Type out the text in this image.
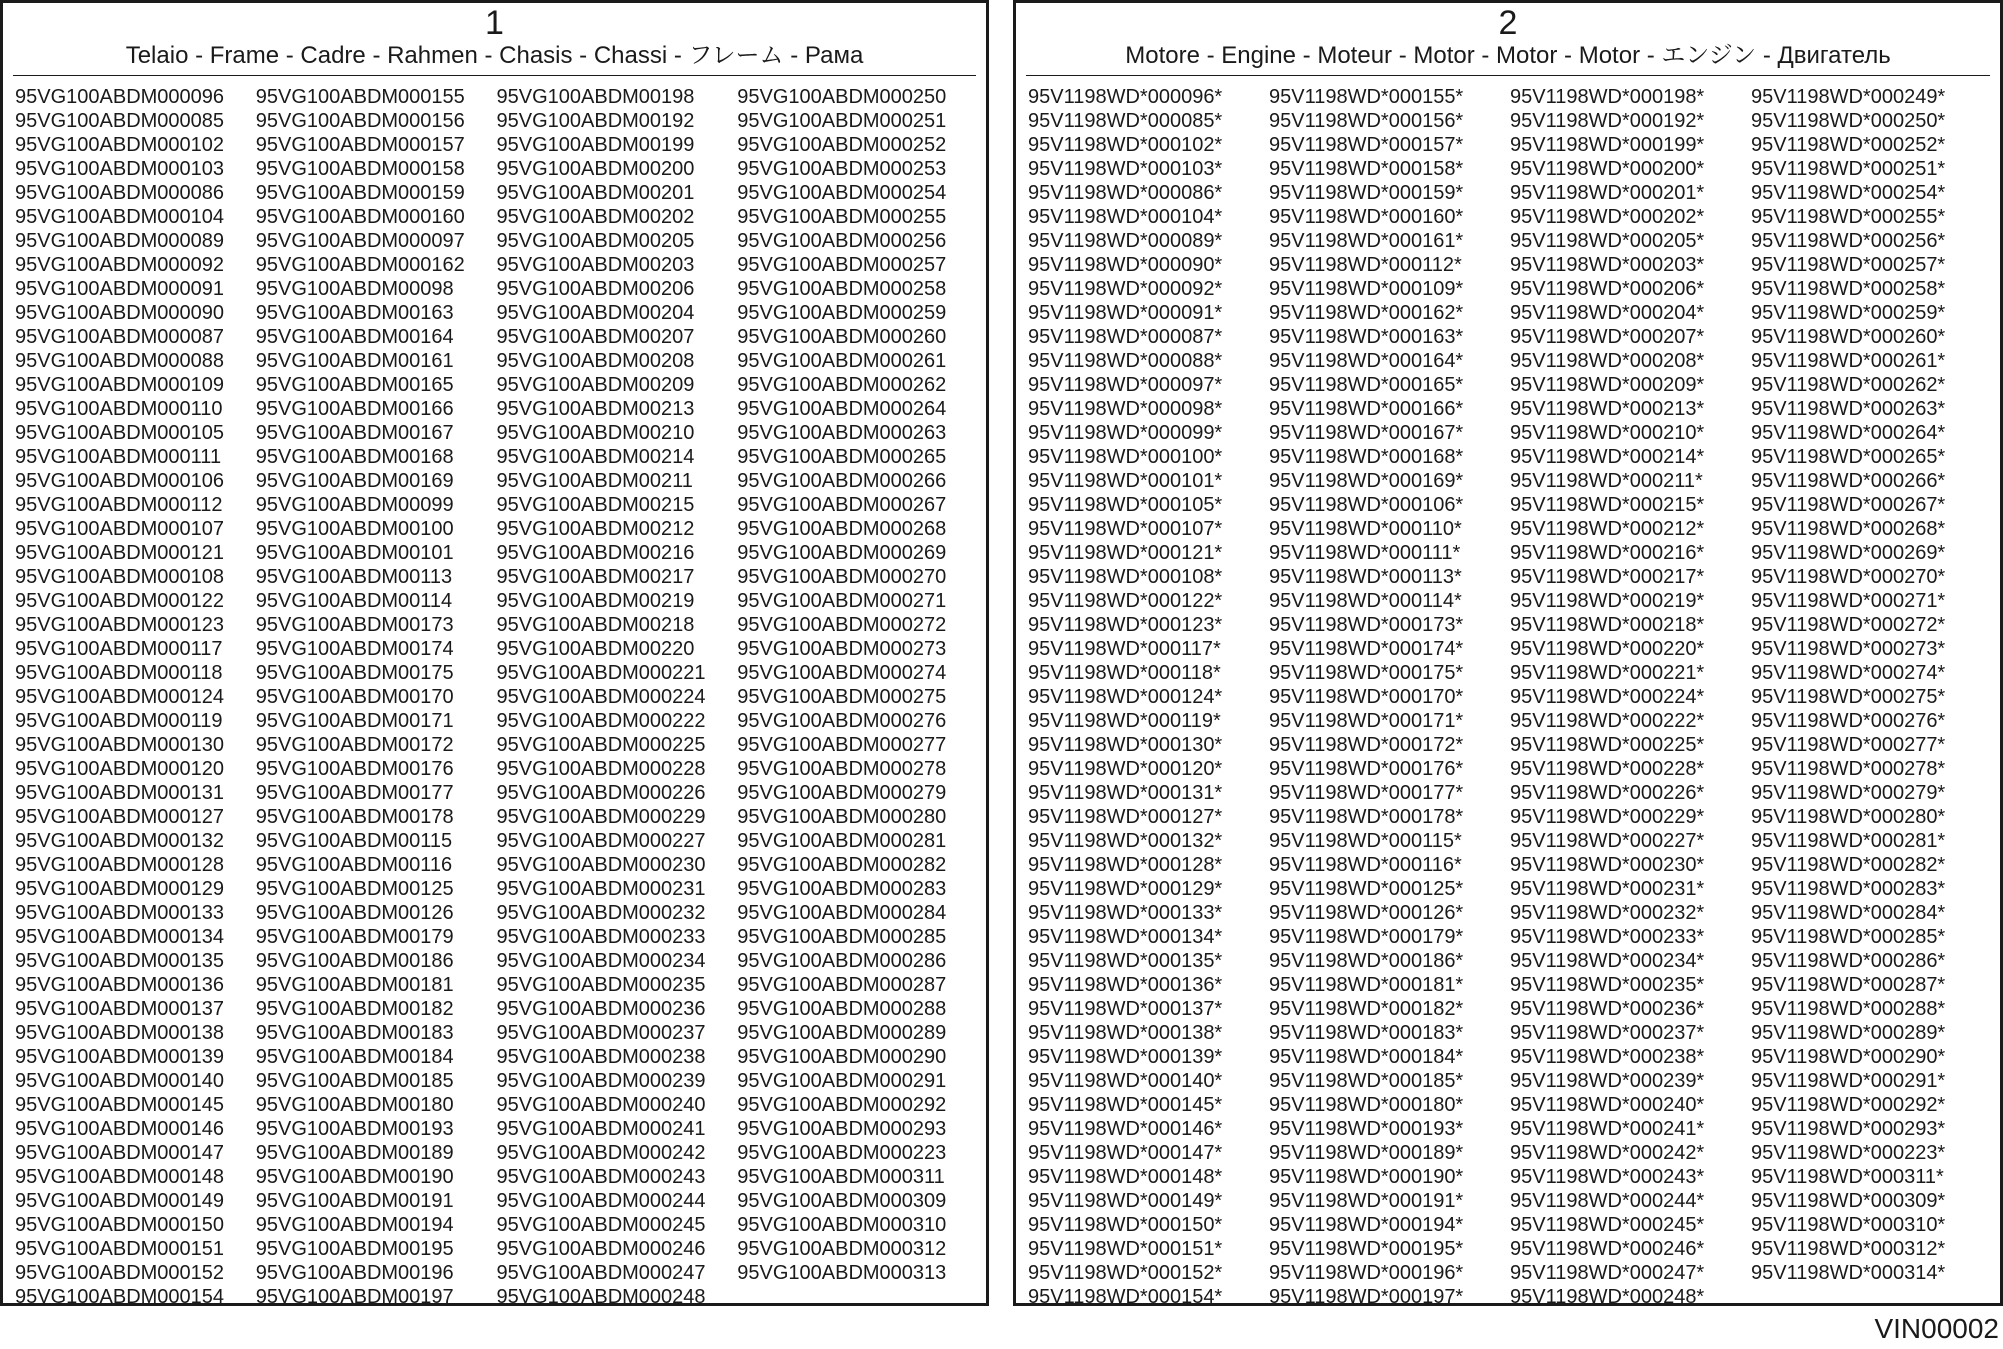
1
Telaio - Frame - Cadre - Rahmen - Chasis - Chassi - フレーム - Рама
95VG100ABDM000096
95VG100ABDM000085
95VG100ABDM000102
95VG100ABDM000103
95VG100ABDM000086
95VG100ABDM000104
95VG100ABDM000089
95VG100ABDM000092
95VG100ABDM000091
95VG100ABDM000090
95VG100ABDM000087
95VG100ABDM000088
95VG100ABDM000109
95VG100ABDM000110
95VG100ABDM000105
95VG100ABDM000111
95VG100ABDM000106
95VG100ABDM000112
95VG100ABDM000107
95VG100ABDM000121
95VG100ABDM000108
95VG100ABDM000122
95VG100ABDM000123
95VG100ABDM000117
95VG100ABDM000118
95VG100ABDM000124
95VG100ABDM000119
95VG100ABDM000130
95VG100ABDM000120
95VG100ABDM000131
95VG100ABDM000127
95VG100ABDM000132
95VG100ABDM000128
95VG100ABDM000129
95VG100ABDM000133
95VG100ABDM000134
95VG100ABDM000135
95VG100ABDM000136
95VG100ABDM000137
95VG100ABDM000138
95VG100ABDM000139
95VG100ABDM000140
95VG100ABDM000145
95VG100ABDM000146
95VG100ABDM000147
95VG100ABDM000148
95VG100ABDM000149
95VG100ABDM000150
95VG100ABDM000151
95VG100ABDM000152
95VG100ABDM000154
95VG100ABDM000155
95VG100ABDM000156
95VG100ABDM000157
95VG100ABDM000158
95VG100ABDM000159
95VG100ABDM000160
95VG100ABDM000097
95VG100ABDM000162
95VG100ABDM00098
95VG100ABDM00163
95VG100ABDM00164
95VG100ABDM00161
95VG100ABDM00165
95VG100ABDM00166
95VG100ABDM00167
95VG100ABDM00168
95VG100ABDM00169
95VG100ABDM00099
95VG100ABDM00100
95VG100ABDM00101
95VG100ABDM00113
95VG100ABDM00114
95VG100ABDM00173
95VG100ABDM00174
95VG100ABDM00175
95VG100ABDM00170
95VG100ABDM00171
95VG100ABDM00172
95VG100ABDM00176
95VG100ABDM00177
95VG100ABDM00178
95VG100ABDM00115
95VG100ABDM00116
95VG100ABDM00125
95VG100ABDM00126
95VG100ABDM00179
95VG100ABDM00186
95VG100ABDM00181
95VG100ABDM00182
95VG100ABDM00183
95VG100ABDM00184
95VG100ABDM00185
95VG100ABDM00180
95VG100ABDM00193
95VG100ABDM00189
95VG100ABDM00190
95VG100ABDM00191
95VG100ABDM00194
95VG100ABDM00195
95VG100ABDM00196
95VG100ABDM00197
95VG100ABDM00198
95VG100ABDM00192
95VG100ABDM00199
95VG100ABDM00200
95VG100ABDM00201
95VG100ABDM00202
95VG100ABDM00205
95VG100ABDM00203
95VG100ABDM00206
95VG100ABDM00204
95VG100ABDM00207
95VG100ABDM00208
95VG100ABDM00209
95VG100ABDM00213
95VG100ABDM00210
95VG100ABDM00214
95VG100ABDM00211
95VG100ABDM00215
95VG100ABDM00212
95VG100ABDM00216
95VG100ABDM00217
95VG100ABDM00219
95VG100ABDM00218
95VG100ABDM00220
95VG100ABDM000221
95VG100ABDM000224
95VG100ABDM000222
95VG100ABDM000225
95VG100ABDM000228
95VG100ABDM000226
95VG100ABDM000229
95VG100ABDM000227
95VG100ABDM000230
95VG100ABDM000231
95VG100ABDM000232
95VG100ABDM000233
95VG100ABDM000234
95VG100ABDM000235
95VG100ABDM000236
95VG100ABDM000237
95VG100ABDM000238
95VG100ABDM000239
95VG100ABDM000240
95VG100ABDM000241
95VG100ABDM000242
95VG100ABDM000243
95VG100ABDM000244
95VG100ABDM000245
95VG100ABDM000246
95VG100ABDM000247
95VG100ABDM000248
95VG100ABDM000250
95VG100ABDM000251
95VG100ABDM000252
95VG100ABDM000253
95VG100ABDM000254
95VG100ABDM000255
95VG100ABDM000256
95VG100ABDM000257
95VG100ABDM000258
95VG100ABDM000259
95VG100ABDM000260
95VG100ABDM000261
95VG100ABDM000262
95VG100ABDM000264
95VG100ABDM000263
95VG100ABDM000265
95VG100ABDM000266
95VG100ABDM000267
95VG100ABDM000268
95VG100ABDM000269
95VG100ABDM000270
95VG100ABDM000271
95VG100ABDM000272
95VG100ABDM000273
95VG100ABDM000274
95VG100ABDM000275
95VG100ABDM000276
95VG100ABDM000277
95VG100ABDM000278
95VG100ABDM000279
95VG100ABDM000280
95VG100ABDM000281
95VG100ABDM000282
95VG100ABDM000283
95VG100ABDM000284
95VG100ABDM000285
95VG100ABDM000286
95VG100ABDM000287
95VG100ABDM000288
95VG100ABDM000289
95VG100ABDM000290
95VG100ABDM000291
95VG100ABDM000292
95VG100ABDM000293
95VG100ABDM000223
95VG100ABDM000311
95VG100ABDM000309
95VG100ABDM000310
95VG100ABDM000312
95VG100ABDM000313
2
Motore - Engine - Moteur - Motor - Motor - Motor - エンジン - Двигатель
95V1198WD*000096*
95V1198WD*000085*
95V1198WD*000102*
95V1198WD*000103*
95V1198WD*000086*
95V1198WD*000104*
95V1198WD*000089*
95V1198WD*000090*
95V1198WD*000092*
95V1198WD*000091*
95V1198WD*000087*
95V1198WD*000088*
95V1198WD*000097*
95V1198WD*000098*
95V1198WD*000099*
95V1198WD*000100*
95V1198WD*000101*
95V1198WD*000105*
95V1198WD*000107*
95V1198WD*000121*
95V1198WD*000108*
95V1198WD*000122*
95V1198WD*000123*
95V1198WD*000117*
95V1198WD*000118*
95V1198WD*000124*
95V1198WD*000119*
95V1198WD*000130*
95V1198WD*000120*
95V1198WD*000131*
95V1198WD*000127*
95V1198WD*000132*
95V1198WD*000128*
95V1198WD*000129*
95V1198WD*000133*
95V1198WD*000134*
95V1198WD*000135*
95V1198WD*000136*
95V1198WD*000137*
95V1198WD*000138*
95V1198WD*000139*
95V1198WD*000140*
95V1198WD*000145*
95V1198WD*000146*
95V1198WD*000147*
95V1198WD*000148*
95V1198WD*000149*
95V1198WD*000150*
95V1198WD*000151*
95V1198WD*000152*
95V1198WD*000154*
95V1198WD*000155*
95V1198WD*000156*
95V1198WD*000157*
95V1198WD*000158*
95V1198WD*000159*
95V1198WD*000160*
95V1198WD*000161*
95V1198WD*000112*
95V1198WD*000109*
95V1198WD*000162*
95V1198WD*000163*
95V1198WD*000164*
95V1198WD*000165*
95V1198WD*000166*
95V1198WD*000167*
95V1198WD*000168*
95V1198WD*000169*
95V1198WD*000106*
95V1198WD*000110*
95V1198WD*000111*
95V1198WD*000113*
95V1198WD*000114*
95V1198WD*000173*
95V1198WD*000174*
95V1198WD*000175*
95V1198WD*000170*
95V1198WD*000171*
95V1198WD*000172*
95V1198WD*000176*
95V1198WD*000177*
95V1198WD*000178*
95V1198WD*000115*
95V1198WD*000116*
95V1198WD*000125*
95V1198WD*000126*
95V1198WD*000179*
95V1198WD*000186*
95V1198WD*000181*
95V1198WD*000182*
95V1198WD*000183*
95V1198WD*000184*
95V1198WD*000185*
95V1198WD*000180*
95V1198WD*000193*
95V1198WD*000189*
95V1198WD*000190*
95V1198WD*000191*
95V1198WD*000194*
95V1198WD*000195*
95V1198WD*000196*
95V1198WD*000197*
95V1198WD*000198*
95V1198WD*000192*
95V1198WD*000199*
95V1198WD*000200*
95V1198WD*000201*
95V1198WD*000202*
95V1198WD*000205*
95V1198WD*000203*
95V1198WD*000206*
95V1198WD*000204*
95V1198WD*000207*
95V1198WD*000208*
95V1198WD*000209*
95V1198WD*000213*
95V1198WD*000210*
95V1198WD*000214*
95V1198WD*000211*
95V1198WD*000215*
95V1198WD*000212*
95V1198WD*000216*
95V1198WD*000217*
95V1198WD*000219*
95V1198WD*000218*
95V1198WD*000220*
95V1198WD*000221*
95V1198WD*000224*
95V1198WD*000222*
95V1198WD*000225*
95V1198WD*000228*
95V1198WD*000226*
95V1198WD*000229*
95V1198WD*000227*
95V1198WD*000230*
95V1198WD*000231*
95V1198WD*000232*
95V1198WD*000233*
95V1198WD*000234*
95V1198WD*000235*
95V1198WD*000236*
95V1198WD*000237*
95V1198WD*000238*
95V1198WD*000239*
95V1198WD*000240*
95V1198WD*000241*
95V1198WD*000242*
95V1198WD*000243*
95V1198WD*000244*
95V1198WD*000245*
95V1198WD*000246*
95V1198WD*000247*
95V1198WD*000248*
95V1198WD*000249*
95V1198WD*000250*
95V1198WD*000252*
95V1198WD*000251*
95V1198WD*000254*
95V1198WD*000255*
95V1198WD*000256*
95V1198WD*000257*
95V1198WD*000258*
95V1198WD*000259*
95V1198WD*000260*
95V1198WD*000261*
95V1198WD*000262*
95V1198WD*000263*
95V1198WD*000264*
95V1198WD*000265*
95V1198WD*000266*
95V1198WD*000267*
95V1198WD*000268*
95V1198WD*000269*
95V1198WD*000270*
95V1198WD*000271*
95V1198WD*000272*
95V1198WD*000273*
95V1198WD*000274*
95V1198WD*000275*
95V1198WD*000276*
95V1198WD*000277*
95V1198WD*000278*
95V1198WD*000279*
95V1198WD*000280*
95V1198WD*000281*
95V1198WD*000282*
95V1198WD*000283*
95V1198WD*000284*
95V1198WD*000285*
95V1198WD*000286*
95V1198WD*000287*
95V1198WD*000288*
95V1198WD*000289*
95V1198WD*000290*
95V1198WD*000291*
95V1198WD*000292*
95V1198WD*000293*
95V1198WD*000223*
95V1198WD*000311*
95V1198WD*000309*
95V1198WD*000310*
95V1198WD*000312*
95V1198WD*000314*
VIN00002
